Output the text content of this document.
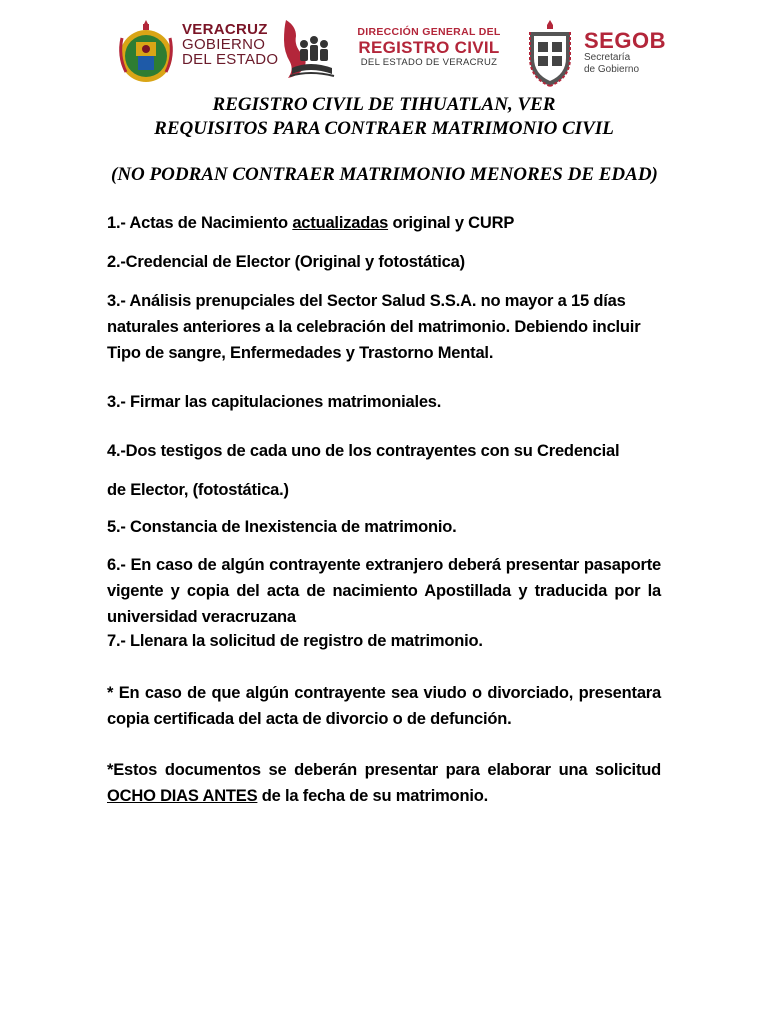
VERACRUZ
GOBIERNO
DEL ESTADO
DIRECCIÓN GENERAL DEL
REGISTRO CIVIL
DEL ESTADO DE VERACRUZ
SEGOB
Secretaría
de Gobierno
REGISTRO CIVIL DE TIHUATLAN, VER
REQUISITOS PARA CONTRAER MATRIMONIO CIVIL
(NO PODRAN CONTRAER MATRIMONIO MENORES DE EDAD)
1.- Actas de Nacimiento actualizadas original y CURP
2.-Credencial de Elector (Original y fotostática)
3.- Análisis prenupciales del Sector Salud S.S.A. no mayor a 15 días naturales anteriores a la celebración del matrimonio. Debiendo incluir Tipo de sangre, Enfermedades y Trastorno Mental.
3.- Firmar las capitulaciones matrimoniales.
4.-Dos testigos de cada uno de los contrayentes con su Credencial
de Elector, (fotostática.)
5.- Constancia de Inexistencia de matrimonio.
6.- En caso de algún contrayente extranjero deberá presentar pasaporte vigente y copia del acta de nacimiento Apostillada y traducida por la universidad veracruzana
7.- Llenara la solicitud de registro de matrimonio.
* En caso de que algún contrayente sea viudo o divorciado, presentara copia certificada del acta de divorcio o de defunción.
*Estos documentos se deberán presentar para elaborar una solicitud OCHO DIAS ANTES de la fecha de su matrimonio.
